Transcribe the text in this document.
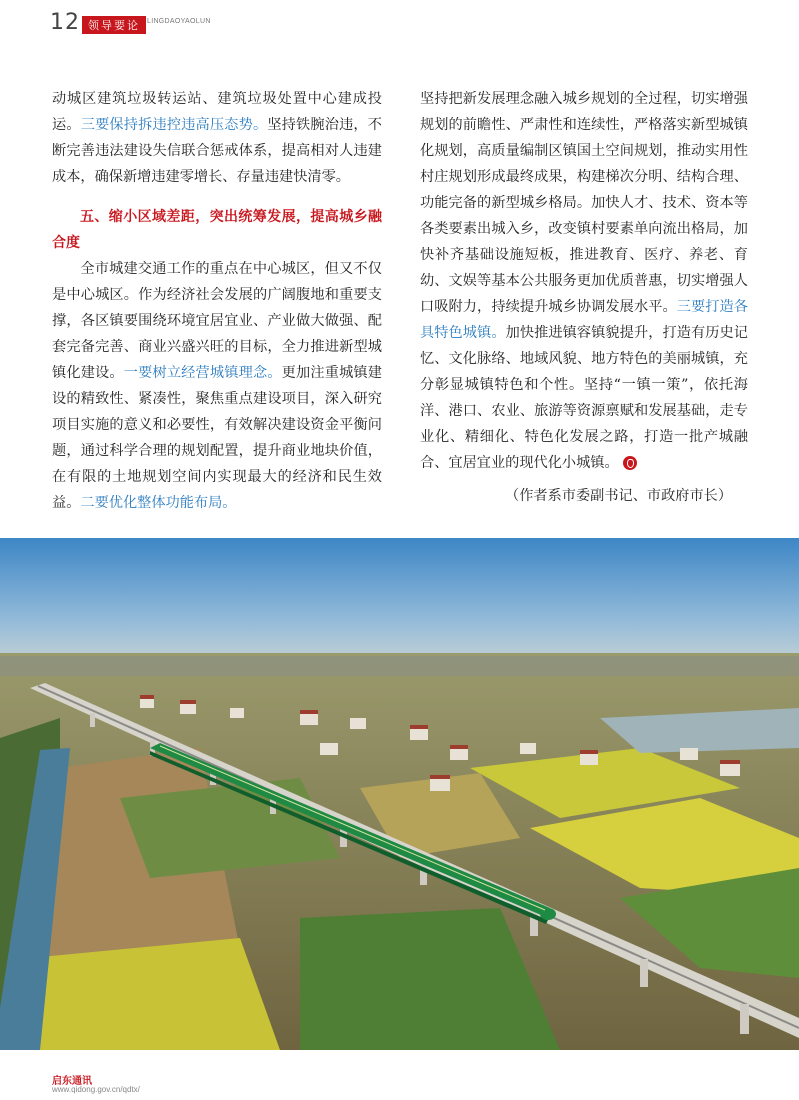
12 领导要论	LINGDAOYAOLUN

动城区建筑垃圾转运站、建筑垃圾处置中心建成投运。三要保持拆违控违高压态势。坚持铁腕治违，不断完善违法建设失信联合惩戒体系，提高相对人违建成本，确保新增违建零增长、存量违建快清零。

五、缩小区域差距，突出统筹发展，提高城乡融合度

全市城建交通工作的重点在中心城区，但又不仅是中心城区。作为经济社会发展的广阔腹地和重要支撑，各区镇要围绕环境宜居宜业、产业做大做强、配套完备完善、商业兴盛兴旺的目标，全力推进新型城镇化建设。一要树立经营城镇理念。更加注重城镇建设的精致性、紧凑性，聚焦重点建设项目，深入研究项目实施的意义和必要性，有效解决建设资金平衡问题，通过科学合理的规划配置，提升商业地块价值，在有限的土地规划空间内实现最大的经济和民生效益。二要优化整体功能布局。

坚持把新发展理念融入城乡规划的全过程，切实增强规划的前瞻性、严肃性和连续性，严格落实新型城镇化规划，高质量编制区镇国土空间规划，推动实用性村庄规划形成最终成果，构建梯次分明、结构合理、功能完备的新型城乡格局。加快人才、技术、资本等各类要素出城入乡，改变镇村要素单向流出格局，加快补齐基础设施短板，推进教育、医疗、养老、育幼、文娱等基本公共服务更加优质普惠，切实增强人口吸附力，持续提升城乡协调发展水平。三要打造各具特色城镇。加快推进镇容镇貌提升，打造有历史记忆、文化脉络、地域风貌、地方特色的美丽城镇，充分彰显城镇特色和个性。坚持“一镇一策”，依托海洋、港口、农业、旅游等资源禀赋和发展基础，走专业化、精细化、特色化发展之路，打造一批产城融合、宜居宜业的现代化小城镇。

（作者系市委副书记、市政府市长）
启东通讯
www.qidong.gov.cn/qdtx/
